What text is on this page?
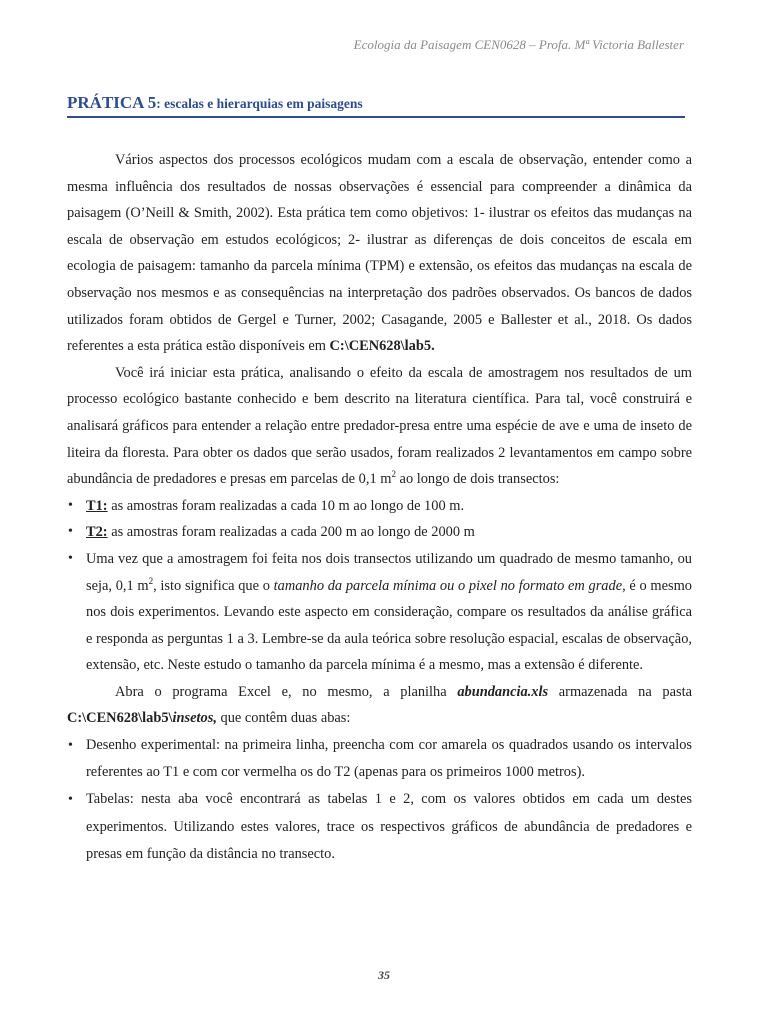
Ecologia da Paisagem CEN0628 – Profa. Mª Victoria Ballester
PRÁTICA 5: escalas e hierarquias em paisagens

Vários aspectos dos processos ecológicos mudam com a escala de observação, entender como a mesma influência dos resultados de nossas observações é essencial para compreender a dinâmica da paisagem (O’Neill & Smith, 2002). Esta prática tem como objetivos: 1- ilustrar os efeitos das mudanças na escala de observação em estudos ecológicos; 2- ilustrar as diferenças de dois conceitos de escala em ecologia de paisagem: tamanho da parcela mínima (TPM) e extensão, os efeitos das mudanças na escala de observação nos mesmos e as consequências na interpretação dos padrões observados. Os bancos de dados utilizados foram obtidos de Gergel e Turner, 2002; Casagande, 2005 e Ballester et al., 2018. Os dados referentes a esta prática estão disponíveis em C:\CEN628\lab5.

Você irá iniciar esta prática, analisando o efeito da escala de amostragem nos resultados de um processo ecológico bastante conhecido e bem descrito na literatura científica. Para tal, você construirá e analisará gráficos para entender a relação entre predador-presa entre uma espécie de ave e uma de inseto de liteira da floresta. Para obter os dados que serão usados, foram realizados 2 levantamentos em campo sobre abundância de predadores e presas em parcelas de 0,1 $m^2$ ao longo de dois transectos:

• T1: as amostras foram realizadas a cada 10 m ao longo de 100 m.
• T2: as amostras foram realizadas a cada 200 m ao longo de 2000 m
• Uma vez que a amostragem foi feita nos dois transectos utilizando um quadrado de mesmo tamanho, ou seja, 0,1 $m^2$, isto significa que o tamanho da parcela mínima ou o pixel no formato em grade, é o mesmo nos dois experimentos. Levando este aspecto em consideração, compare os resultados da análise gráfica e responda as perguntas 1 a 3. Lembre-se da aula teórica sobre resolução espacial, escalas de observação, extensão, etc. Neste estudo o tamanho da parcela mínima é a mesmo, mas a extensão é diferente.

Abra o programa Excel e, no mesmo, a planilha abundancia.xls armazenada na pasta C:\CEN628\lab5\insetos, que contêm duas abas:

• Desenho experimental: na primeira linha, preencha com cor amarela os quadrados usando os intervalos referentes ao T1 e com cor vermelha os do T2 (apenas para os primeiros 1000 metros).
• Tabelas: nesta aba você encontrará as tabelas 1 e 2, com os valores obtidos em cada um destes experimentos. Utilizando estes valores, trace os respectivos gráficos de abundância de predadores e presas em função da distância no transecto.
35
